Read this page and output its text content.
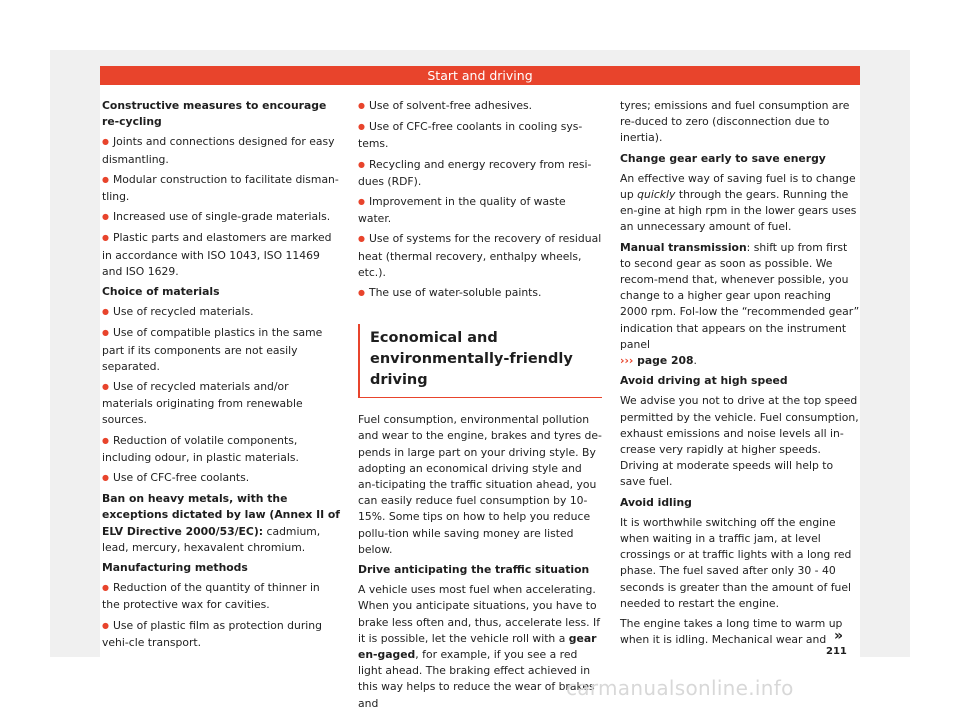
Start and driving

Constructive measures to encourage re-cycling

● Joints and connections designed for easy dismantling.

● Modular construction to facilitate disman-tling.

● Increased use of single-grade materials.

● Plastic parts and elastomers are marked in accordance with ISO 1043, ISO 11469 and ISO 1629.

Choice of materials

● Use of recycled materials.

● Use of compatible plastics in the same part if its components are not easily separated.

● Use of recycled materials and/or materials originating from renewable sources.

● Reduction of volatile components, including odour, in plastic materials.

● Use of CFC-free coolants.

Ban on heavy metals, with the exceptions dictated by law (Annex II of ELV Directive 2000/53/EC): cadmium, lead, mercury, hexavalent chromium.

Manufacturing methods

● Reduction of the quantity of thinner in the protective wax for cavities.

● Use of plastic film as protection during vehi-cle transport.

● Use of solvent-free adhesives.

● Use of CFC-free coolants in cooling sys-tems.

● Recycling and energy recovery from resi-dues (RDF).

● Improvement in the quality of waste water.

● Use of systems for the recovery of residual heat (thermal recovery, enthalpy wheels, etc.).

● The use of water-soluble paints.

Economical and environmentally-friendly driving

Fuel consumption, environmental pollution and wear to the engine, brakes and tyres de-pends in large part on your driving style. By adopting an economical driving style and an-ticipating the traffic situation ahead, you can easily reduce fuel consumption by 10-15%. Some tips on how to help you reduce pollu-tion while saving money are listed below.

Drive anticipating the traffic situation

A vehicle uses most fuel when accelerating. When you anticipate situations, you have to brake less often and, thus, accelerate less. If it is possible, let the vehicle roll with a gear en-gaged, for example, if you see a red light ahead. The braking effect achieved in this way helps to reduce the wear of brakes and

tyres; emissions and fuel consumption are re-duced to zero (disconnection due to inertia).

Change gear early to save energy

An effective way of saving fuel is to change up quickly through the gears. Running the en-gine at high rpm in the lower gears uses an unnecessary amount of fuel.

Manual transmission: shift up from first to second gear as soon as possible. We recom-mend that, whenever possible, you change to a higher gear upon reaching 2000 rpm. Fol-low the “recommended gear” indication that appears on the instrument panel
››› page 208.

Avoid driving at high speed

We advise you not to drive at the top speed permitted by the vehicle. Fuel consumption, exhaust emissions and noise levels all in-crease very rapidly at higher speeds. Driving at moderate speeds will help to save fuel.

Avoid idling

It is worthwhile switching off the engine when waiting in a traffic jam, at level crossings or at traffic lights with a long red phase. The fuel saved after only 30 - 40 seconds is greater than the amount of fuel needed to restart the engine.

The engine takes a long time to warm up when it is idling. Mechanical wear and »
211
carmanualsonline.info
